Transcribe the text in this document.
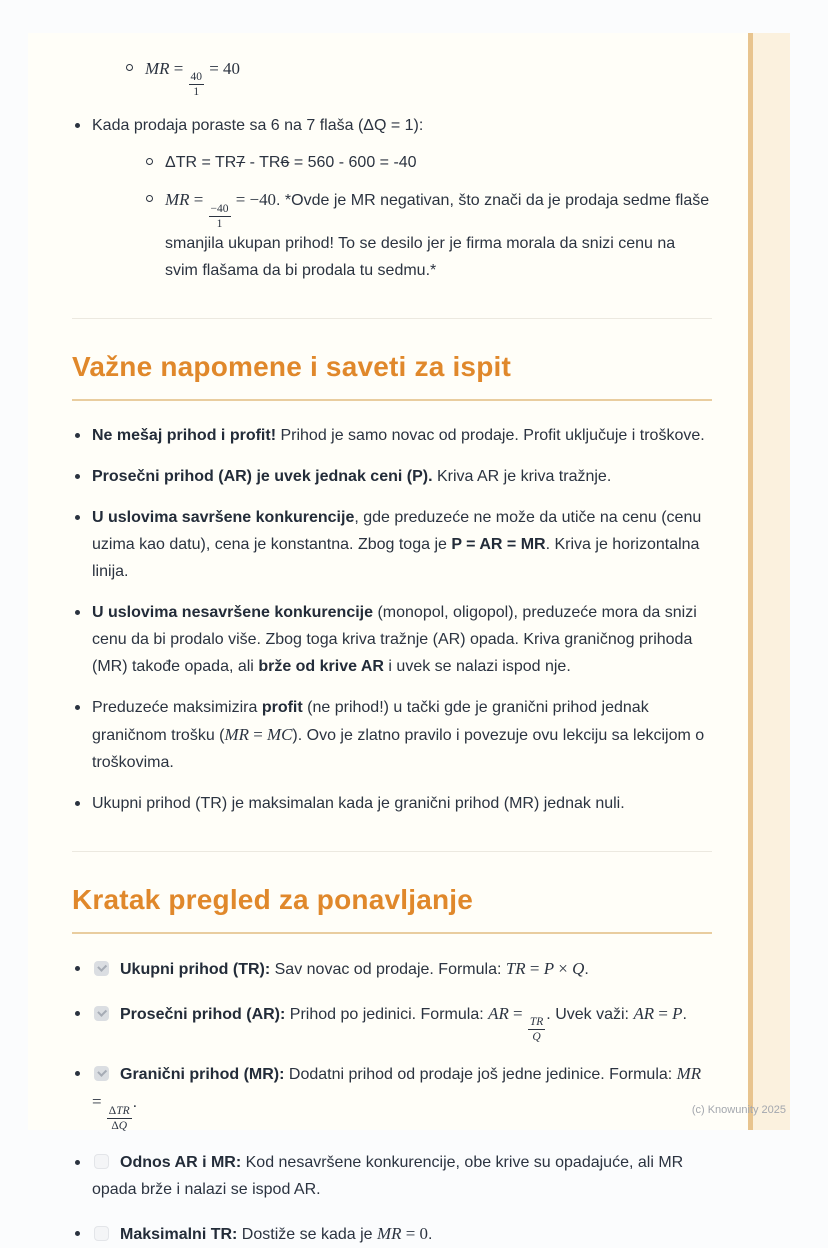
MR =
$\frac{40}{1}$
= 40
Kada prodaja poraste sa 6 na 7 flaša (ΔQ = 1):
ΔTR = TR7 - TR6 = 560 - 600 = -40
MR =
$\frac{-40}{1}$
= −40. *Ovde je MR negativan, što znači da je prodaja sedme flaše smanjila ukupan prihod! To se desilo jer je firma morala da snizi cenu na svim flašama da bi prodala tu sedmu.*
Važne napomene i saveti za ispit
Ne mešaj prihod i profit! Prihod je samo novac od prodaje. Profit uključuje i troškove.
Prosečni prihod (AR) je uvek jednak ceni (P). Kriva AR je kriva tražnje.
U uslovima savršene konkurencije, gde preduzeće ne može da utiče na cenu (cenu uzima kao datu), cena je konstantna. Zbog toga je P = AR = MR. Kriva je horizontalna linija.
U uslovima nesavršene konkurencije (monopol, oligopol), preduzeće mora da snizi cenu da bi prodalo više. Zbog toga kriva tražnje (AR) opada. Kriva graničnog prihoda (MR) takođe opada, ali brže od krive AR i uvek se nalazi ispod nje.
Preduzeće maksimizira profit (ne prihod!) u tački gde je granični prihod jednak graničnom trošku (MR = MC). Ovo je zlatno pravilo i povezuje ovu lekciju sa lekcijom o troškovima.
Ukupni prihod (TR) je maksimalan kada je granični prihod (MR) jednak nuli.
Kratak pregled za ponavljanje
Ukupni prihod (TR): Sav novac od prodaje. Formula: TR = P × Q.
Prosečni prihod (AR): Prihod po jedinici. Formula: AR =
$\frac{TR}{Q}$
. Uvek važi: AR = P.
Granični prihod (MR): Dodatni prihod od prodaje još jedne jedinice. Formula: MR =
$\frac{\text{ΔTR}}{\Delta Q}$
.
Odnos AR i MR: Kod nesavršene konkurencije, obe krive su opadajuće, ali MR opada brže i nalazi se ispod AR.
Maksimalni TR: Dostiže se kada je MR = 0.
(c) Knowunity 2025
